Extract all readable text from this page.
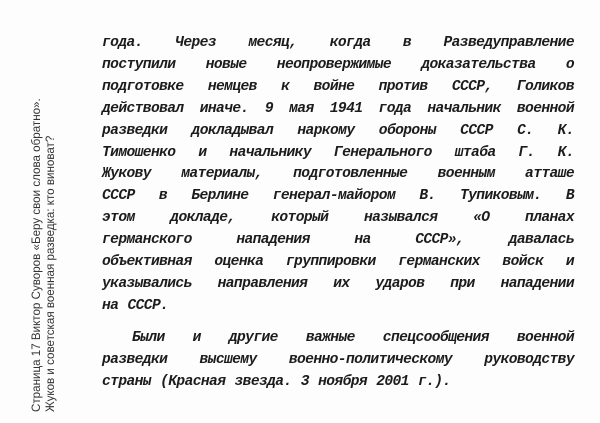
Страница 17 Виктор Суворов «Беру свои слова обратно». Жуков и советская военная разведка: кто виноват?
года. Через месяц, когда в Разведуправление
поступили новые неопровержимые доказательства о
подготовке немцев к войне против СССР, Голиков
действовал иначе. 9 мая 1941 года начальник военной
разведки докладывал наркому обороны СССР С. К.
Тимошенко и начальнику Генерального штаба Г. К.
Жукову материалы, подготовленные военным атташе
СССР в Берлине генерал-майором В. Тупиковым. В
этом докладе, который назывался «О планах
германского нападения на СССР», давалась
объективная оценка группировки германских войск и
указывались направления их ударов при нападении
на СССР.
Были и другие важные спецсообщения военной
разведки высшему военно-политическому руководству
страны (Красная звезда. 3 ноября 2001 г.).
